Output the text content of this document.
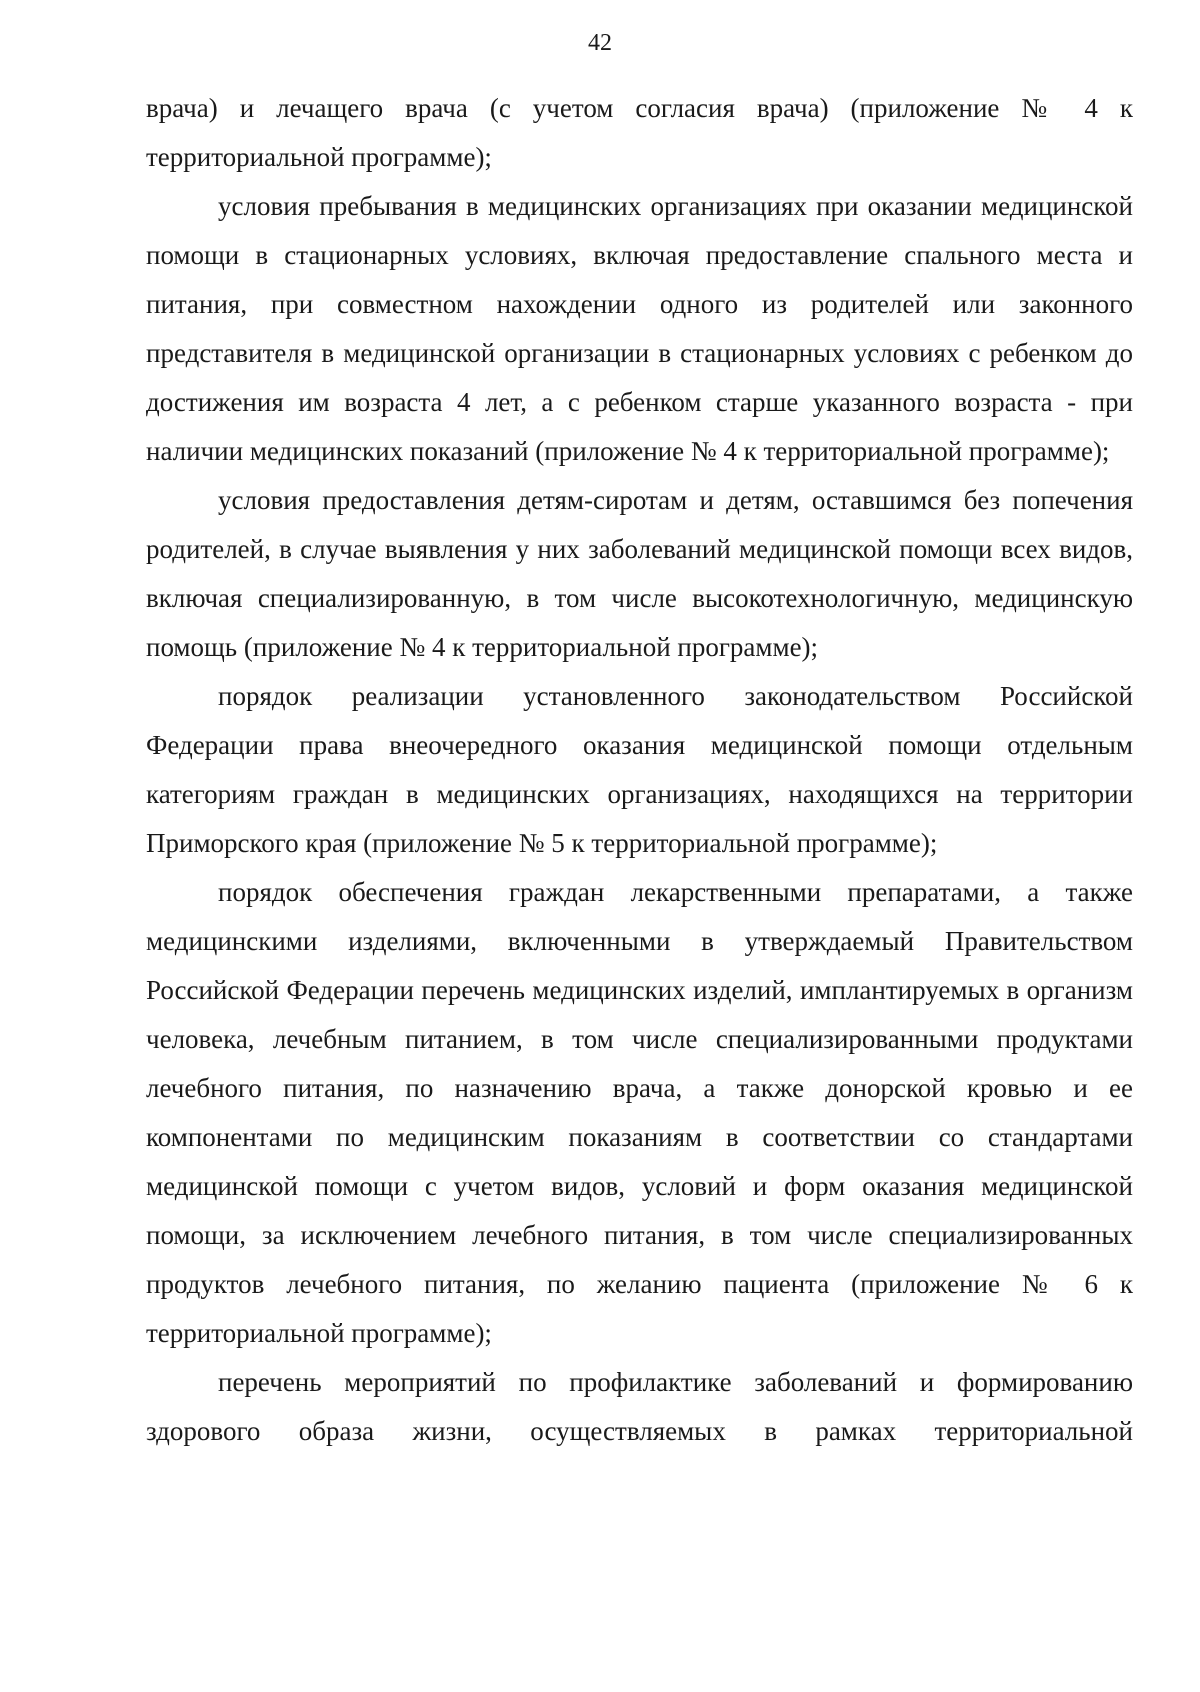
42

врача) и лечащего врача (с учетом согласия врача) (приложение № 4 к территориальной программе);

условия пребывания в медицинских организациях при оказании медицинской помощи в стационарных условиях, включая предоставление спального места и питания, при совместном нахождении одного из родителей или законного представителя в медицинской организации в стационарных условиях с ребенком до достижения им возраста 4 лет, а с ребенком старше указанного возраста - при наличии медицинских показаний (приложение № 4 к территориальной программе);

условия предоставления детям-сиротам и детям, оставшимся без попечения родителей, в случае выявления у них заболеваний медицинской помощи всех видов, включая специализированную, в том числе высокотехнологичную, медицинскую помощь (приложение № 4 к территориальной программе);

порядок реализации установленного законодательством Российской Федерации права внеочередного оказания медицинской помощи отдельным категориям граждан в медицинских организациях, находящихся на территории Приморского края (приложение № 5 к территориальной программе);

порядок обеспечения граждан лекарственными препаратами, а также медицинскими изделиями, включенными в утверждаемый Правительством Российской Федерации перечень медицинских изделий, имплантируемых в организм человека, лечебным питанием, в том числе специализированными продуктами лечебного питания, по назначению врача, а также донорской кровью и ее компонентами по медицинским показаниям в соответствии со стандартами медицинской помощи с учетом видов, условий и форм оказания медицинской помощи, за исключением лечебного питания, в том числе специализированных продуктов лечебного питания, по желанию пациента (приложение № 6 к территориальной программе);

перечень мероприятий по профилактике заболеваний и формированию здорового образа жизни, осуществляемых в рамках территориальной
